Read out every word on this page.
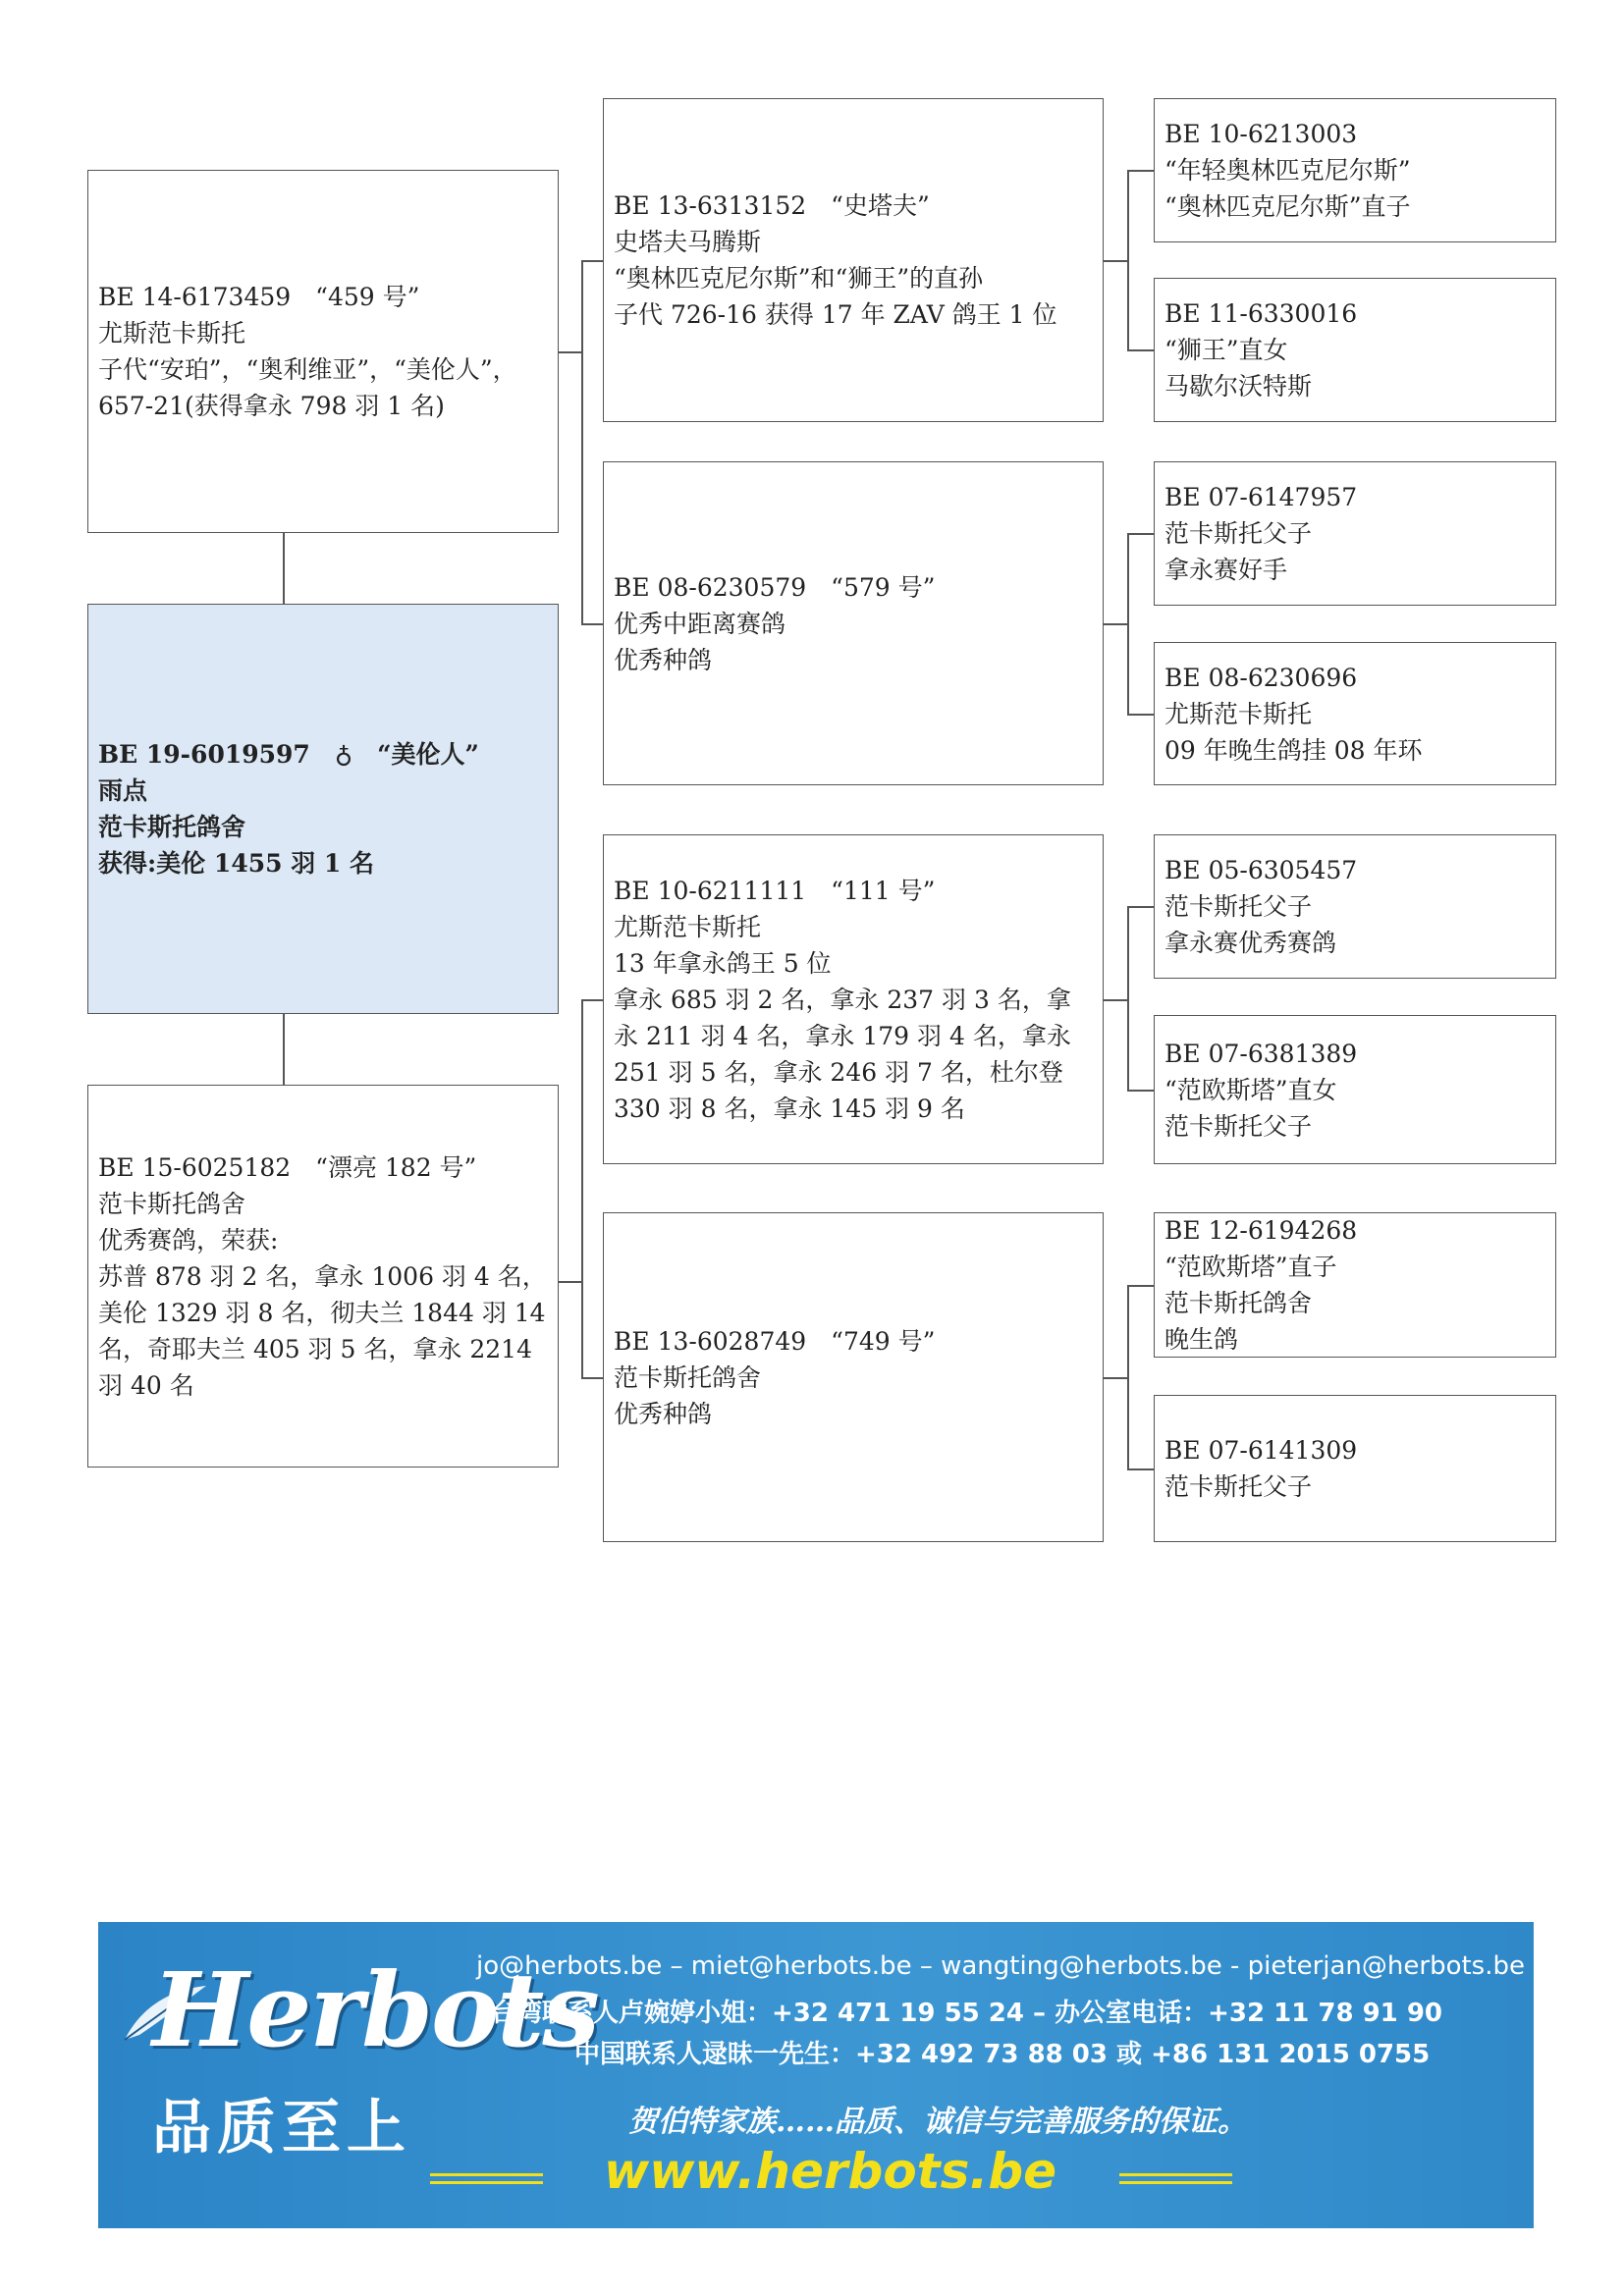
BE 14-6173459　“459 号”
尤斯范卡斯托
子代“安珀”，“奥利维亚”，“美伦人”，657-21(获得拿永 798 羽 1 名)
BE 19-6019597　♁　“美伦人”
雨点
范卡斯托鸽舍
获得:美伦 1455 羽 1 名
BE 15-6025182　“漂亮 182 号”
范卡斯托鸽舍
优秀赛鸽，荣获:
苏普 878 羽 2 名，拿永 1006 羽 4 名，美伦 1329 羽 8 名，彻夫兰 1844 羽 14 名，奇耶夫兰 405 羽 5 名，拿永 2214 羽 40 名
BE 13-6313152　“史塔夫”
史塔夫马腾斯
“奥林匹克尼尔斯”和“狮王”的直孙
子代 726-16 获得 17 年 ZAV 鸽王 1 位
BE 08-6230579　“579 号”
优秀中距离赛鸽
优秀种鸽
BE 10-6211111　“111 号”
尤斯范卡斯托
13 年拿永鸽王 5 位
拿永 685 羽 2 名，拿永 237 羽 3 名，拿永 211 羽 4 名，拿永 179 羽 4 名，拿永 251 羽 5 名，拿永 246 羽 7 名，杜尔登 330 羽 8 名，拿永 145 羽 9 名
BE 13-6028749　“749 号”
范卡斯托鸽舍
优秀种鸽
BE 10-6213003
“年轻奥林匹克尼尔斯”
“奥林匹克尼尔斯”直子
BE 11-6330016
“狮王”直女
马歇尔沃特斯
BE 07-6147957
范卡斯托父子
拿永赛好手
BE 08-6230696
尤斯范卡斯托
09 年晚生鸽挂 08 年环
BE 05-6305457
范卡斯托父子
拿永赛优秀赛鸽
BE 07-6381389
“范欧斯塔”直女
范卡斯托父子
BE 12-6194268
“范欧斯塔”直子
范卡斯托鸽舍
晚生鸽
BE 07-6141309
范卡斯托父子
Herbots
品质至上
jo@herbots.be – miet@herbots.be – wangting@herbots.be - pieterjan@herbots.be
台湾联系人卢婉婷小姐：+32 471 19 55 24 – 办公室电话：+32 11 78 91 90
中国联系人逯昧一先生：+32 492 73 88 03 或 +86 131 2015 0755
贺伯特家族……品质、诚信与完善服务的保证。
www.herbots.be
